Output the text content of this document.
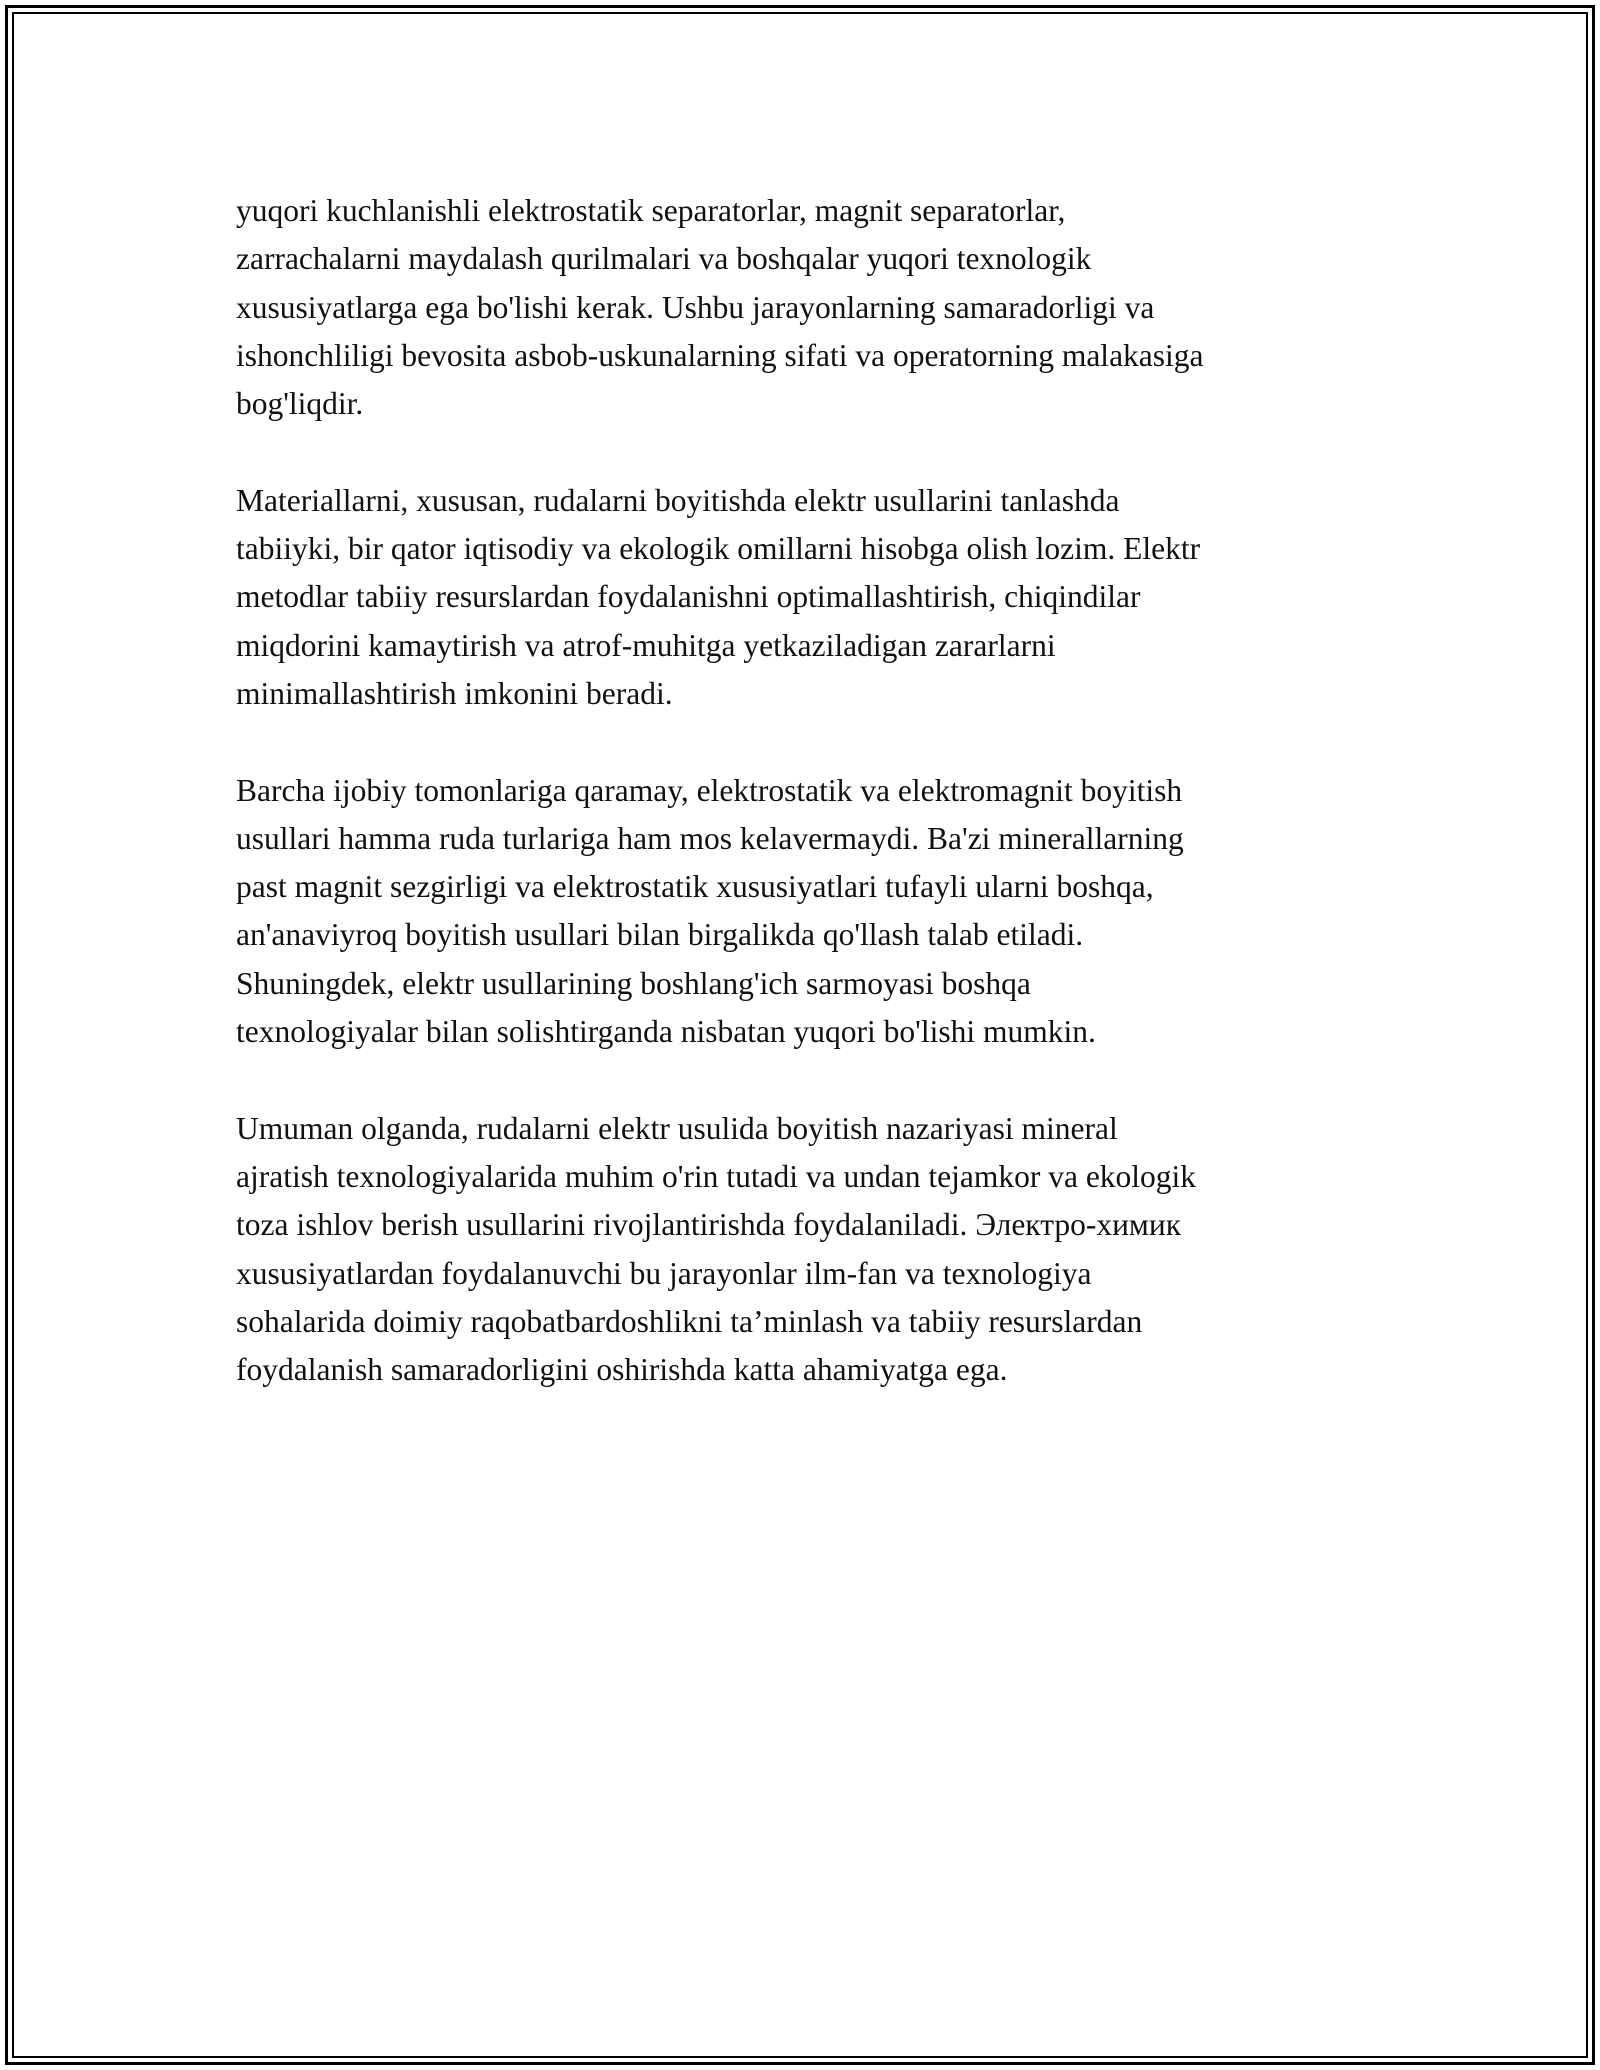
yuqori kuchlanishli elektrostatik separatorlar, magnit separatorlar,
zarrachalarni maydalash qurilmalari va boshqalar yuqori texnologik
xususiyatlarga ega bo'lishi kerak. Ushbu jarayonlarning samaradorligi va
ishonchliligi bevosita asbob-uskunalarning sifati va operatorning malakasiga
bog'liqdir.

Materiallarni, xususan, rudalarni boyitishda elektr usullarini tanlashda
tabiiyki, bir qator iqtisodiy va ekologik omillarni hisobga olish lozim. Elektr
metodlar tabiiy resurslardan foydalanishni optimallashtirish, chiqindilar
miqdorini kamaytirish va atrof-muhitga yetkaziladigan zararlarni
minimallashtirish imkonini beradi.

Barcha ijobiy tomonlariga qaramay, elektrostatik va elektromagnit boyitish
usullari hamma ruda turlariga ham mos kelavermaydi. Ba'zi minerallarning
past magnit sezgirligi va elektrostatik xususiyatlari tufayli ularni boshqa,
an'anaviyroq boyitish usullari bilan birgalikda qo'llash talab etiladi.
Shuningdek, elektr usullarining boshlang'ich sarmoyasi boshqa
texnologiyalar bilan solishtirganda nisbatan yuqori bo'lishi mumkin.

Umuman olganda, rudalarni elektr usulida boyitish nazariyasi mineral
ajratish texnologiyalarida muhim o'rin tutadi va undan tejamkor va ekologik
toza ishlov berish usullarini rivojlantirishda foydalaniladi. Электро-химик
xususiyatlardan foydalanuvchi bu jarayonlar ilm-fan va texnologiya
sohalarida doimiy raqobatbardoshlikni ta’minlash va tabiiy resurslardan
foydalanish samaradorligini oshirishda katta ahamiyatga ega.
